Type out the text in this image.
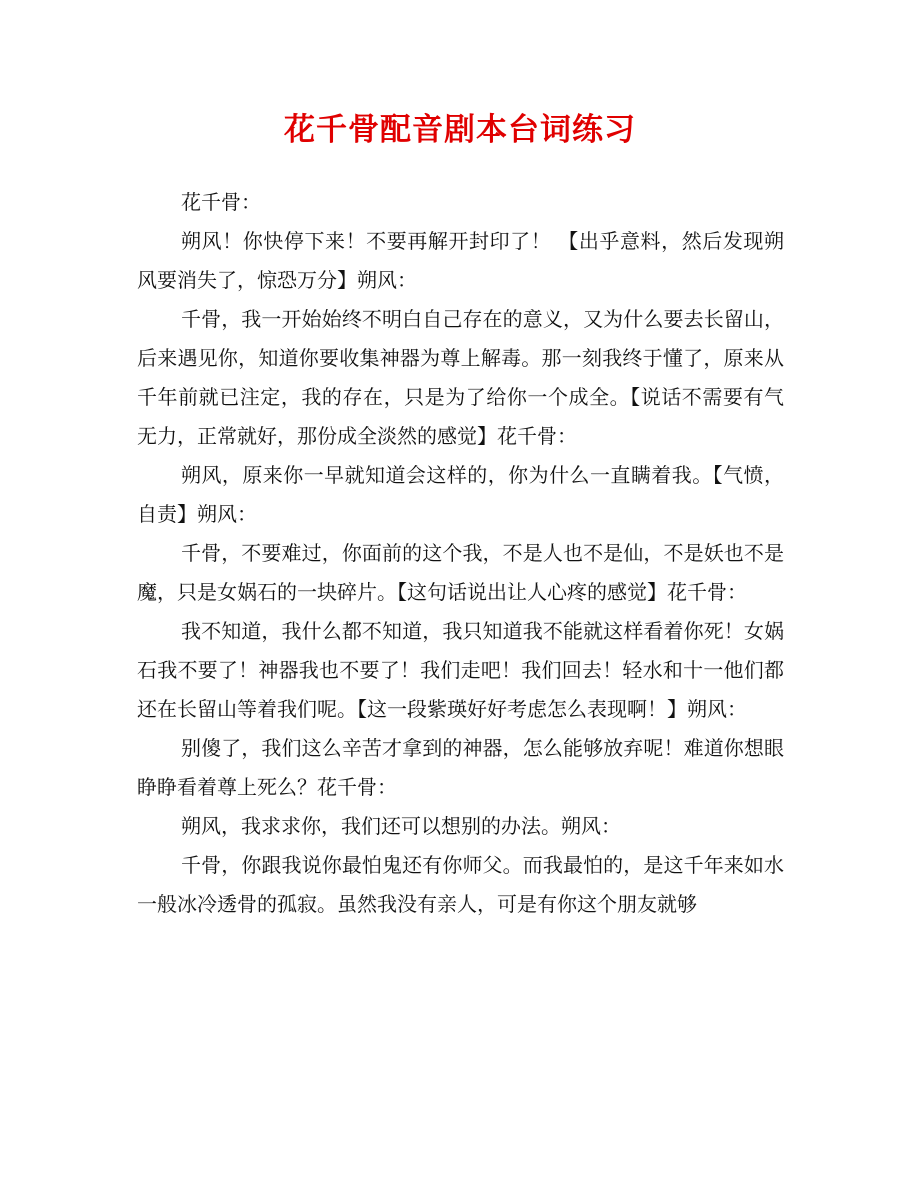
花千骨配音剧本台词练习

花千骨：

朔风！你快停下来！不要再解开封印了！ 【出乎意料，然后发现朔风要消失了，惊恐万分】朔风：

千骨，我一开始始终不明白自己存在的意义，又为什么要去长留山，后来遇见你，知道你要收集神器为尊上解毒。那一刻我终于懂了，原来从千年前就已注定，我的存在，只是为了给你一个成全。【说话不需要有气无力，正常就好，那份成全淡然的感觉】花千骨：

朔风，原来你一早就知道会这样的，你为什么一直瞒着我。【气愤，自责】朔风：

千骨，不要难过，你面前的这个我，不是人也不是仙，不是妖也不是魔，只是女娲石的一块碎片。【这句话说出让人心疼的感觉】花千骨：

我不知道，我什么都不知道，我只知道我不能就这样看着你死！女娲石我不要了！神器我也不要了！我们走吧！我们回去！轻水和十一他们都还在长留山等着我们呢。【这一段紫瑛好好考虑怎么表现啊！】朔风：

别傻了，我们这么辛苦才拿到的神器，怎么能够放弃呢！难道你想眼睁睁看着尊上死么？花千骨：

朔风，我求求你，我们还可以想别的办法。朔风：

千骨，你跟我说你最怕鬼还有你师父。而我最怕的，是这千年来如水一般冰冷透骨的孤寂。虽然我没有亲人，可是有你这个朋友就够
